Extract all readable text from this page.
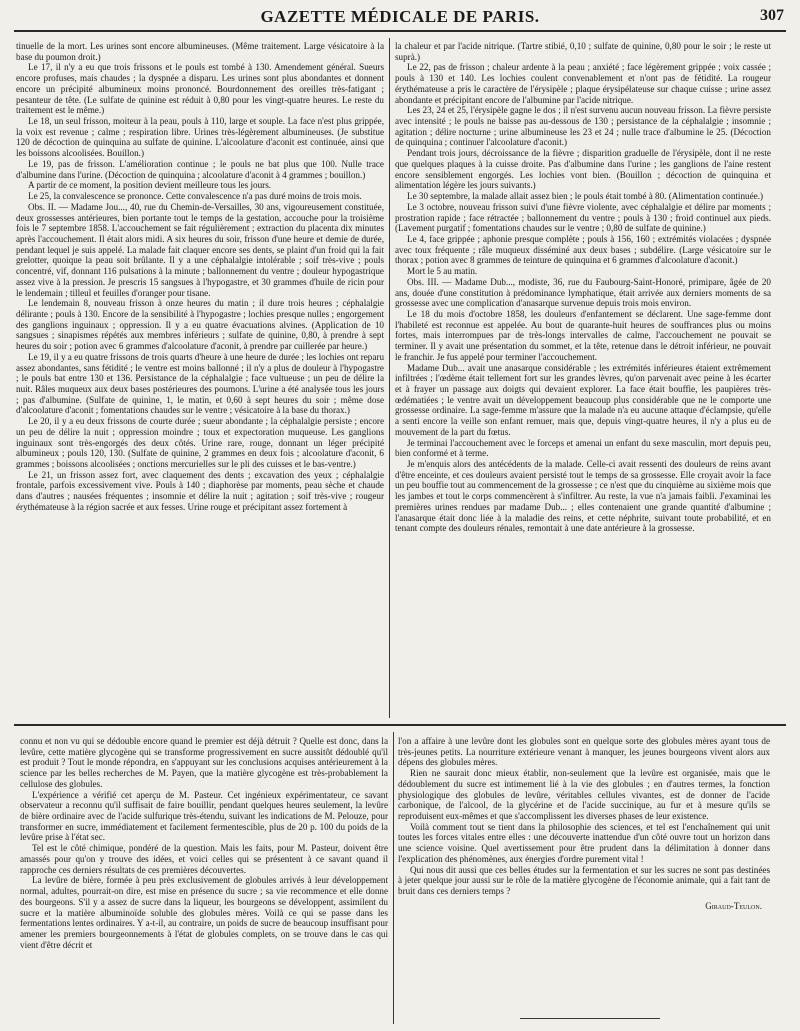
GAZETTE MÉDICALE DE PARIS.	307

tinuelle de la mort. Les urines sont encore albumineuses. (Même traitement. Large vésicatoire à la base du poumon droit.)

Le 17, il n'y a eu que trois frissons et le pouls est tombé à 130. Amendement général. Sueurs encore profuses, mais chaudes ; la dyspnée a disparu. Les urines sont plus abondantes et donnent encore un précipité albumineux moins prononcé. Bourdonnement des oreilles très-fatigant ; pesanteur de tête. (Le sulfate de quinine est réduit à 0,80 pour les vingt-quatre heures. Le reste du traitement est le même.)

Le 18, un seul frisson, moiteur à la peau, pouls à 110, large et souple. La face n'est plus grippée, la voix est revenue ; calme ; respiration libre. Urines très-légèrement albumineuses. (Je substitue 120 de décoction de quinquina au sulfate de quinine. L'alcoolature d'aconit est continuée, ainsi que les boissons alcoolisées. Bouillon.)

Le 19, pas de frisson. L'amélioration continue ; le pouls ne bat plus que 100. Nulle trace d'albumine dans l'urine. (Décoction de quinquina ; alcoolature d'aconit à 4 grammes ; bouillon.)

A partir de ce moment, la position devient meilleure tous les jours.

Le 25, la convalescence se prononce. Cette convalescence n'a pas duré moins de trois mois.

Obs. II. — Madame Jou..., 40, rue du Chemin-de-Versailles, 30 ans, vigoureusement constituée, deux grossesses antérieures, bien portante tout le temps de la gestation, accouche pour la troisième fois le 7 septembre 1858. L'accouchement se fait régulièrement ; extraction du placenta dix minutes après l'accouchement. Il était alors midi. A six heures du soir, frisson d'une heure et demie de durée, pendant lequel je suis appelé. La malade fait claquer encore ses dents, se plaint d'un froid qui la fait grelotter, quoique la peau soit brûlante. Il y a une céphalalgie intolérable ; soif très-vive ; pouls concentré, vif, donnant 116 pulsations à la minute ; ballonnement du ventre ; douleur hypogastrique assez vive à la pression. Je prescris 15 sangsues à l'hypogastre, et 30 grammes d'huile de ricin pour le lendemain ; tilleul et feuilles d'oranger pour tisane.

Le lendemain 8, nouveau frisson à onze heures du matin ; il dure trois heures ; céphalalgie délirante ; pouls à 130. Encore de la sensibilité à l'hypogastre ; lochies presque nulles ; engorgement des ganglions inguinaux ; oppression. Il y a eu quatre évacuations alvines. (Application de 10 sangsues ; sinapismes répétés aux membres inférieurs ; sulfate de quinine, 0,80, à prendre à sept heures du soir ; potion avec 6 grammes d'alcoolature d'aconit, à prendre par cuillerée par heure.)

Le 19, il y a eu quatre frissons de trois quarts d'heure à une heure de durée ; les lochies ont reparu assez abondantes, sans fétidité ; le ventre est moins ballonné ; il n'y a plus de douleur à l'hypogastre ; le pouls bat entre 130 et 136. Persistance de la céphalalgie ; face vultueuse ; un peu de délire la nuit. Râles muqueux aux deux bases postérieures des poumons. L'urine a été analysée tous les jours ; pas d'albumine. (Sulfate de quinine, 1, le matin, et 0,60 à sept heures du soir ; même dose d'alcoolature d'aconit ; fomentations chaudes sur le ventre ; vésicatoire à la base du thorax.)

Le 20, il y a eu deux frissons de courte durée ; sueur abondante ; la céphalalgie persiste ; encore un peu de délire la nuit ; oppression moindre ; toux et expectoration muqueuse. Les ganglions inguinaux sont très-engorgés des deux côtés. Urine rare, rouge, donnant un léger précipité albumineux ; pouls 120, 130. (Sulfate de quinine, 2 grammes en deux fois ; alcoolature d'aconit, 6 grammes ; boissons alcoolisées ; onctions mercurielles sur le pli des cuisses et le bas-ventre.)

Le 21, un frisson assez fort, avec claquement des dents ; excavation des yeux ; céphalalgie frontale, parfois excessivement vive. Pouls à 140 ; diaphorèse par moments, peau sèche et chaude dans d'autres ; nausées fréquentes ; insomnie et délire la nuit ; agitation ; soif très-vive ; rougeur érythémateuse à la région sacrée et aux fesses. Urine rouge et précipitant assez fortement à

la chaleur et par l'acide nitrique. (Tartre stibié, 0,10 ; sulfate de quinine, 0,80 pour le soir ; le reste ut suprà.)

Le 22, pas de frisson ; chaleur ardente à la peau ; anxiété ; face légèrement grippée ; voix cassée ; pouls à 130 et 140. Les lochies coulent convenablement et n'ont pas de fétidité. La rougeur érythémateuse a pris le caractère de l'érysipèle ; plaque érysipélateuse sur chaque cuisse ; urine assez abondante et précipitant encore de l'albumine par l'acide nitrique.

Les 23, 24 et 25, l'érysipèle gagne le dos ; il n'est survenu aucun nouveau frisson. La fièvre persiste avec intensité ; le pouls ne baisse pas au-dessous de 130 ; persistance de la céphalalgie ; insomnie ; agitation ; délire nocturne ; urine albumineuse les 23 et 24 ; nulle trace d'albumine le 25. (Décoction de quinquina ; continuer l'alcoolature d'aconit.)

Pendant trois jours, décroissance de la fièvre ; disparition graduelle de l'érysipèle, dont il ne reste que quelques plaques à la cuisse droite. Pas d'albumine dans l'urine ; les ganglions de l'aine restent encore sensiblement engorgés. Les lochies vont bien. (Bouillon ; décoction de quinquina et alimentation légère les jours suivants.)

Le 30 septembre, la malade allait assez bien ; le pouls était tombé à 80. (Alimentation continuée.)

Le 3 octobre, nouveau frisson suivi d'une fièvre violente, avec céphalalgie et délire par moments ; prostration rapide ; face rétractée ; ballonnement du ventre ; pouls à 130 ; froid continuel aux pieds. (Lavement purgatif ; fomentations chaudes sur le ventre ; 0,80 de sulfate de quinine.)

Le 4, face grippée ; aphonie presque complète ; pouls à 156, 160 ; extrémités violacées ; dyspnée avec toux fréquente ; râle muqueux disséminé aux deux bases ; subdélire. (Large vésicatoire sur le thorax ; potion avec 8 grammes de teinture de quinquina et 6 grammes d'alcoolature d'aconit.)

Mort le 5 au matin.

Obs. III. — Madame Dub..., modiste, 36, rue du Faubourg-Saint-Honoré, primipare, âgée de 20 ans, douée d'une constitution à prédominance lymphatique, était arrivée aux derniers moments de sa grossesse avec une complication d'anasarque survenue depuis trois mois environ.

Le 18 du mois d'octobre 1858, les douleurs d'enfantement se déclarent. Une sage-femme dont l'habileté est reconnue est appelée. Au bout de quarante-huit heures de souffrances plus ou moins fortes, mais interrompues par de très-longs intervalles de calme, l'accouchement ne pouvait se terminer. Il y avait une présentation du sommet, et la tête, retenue dans le détroit inférieur, ne pouvait le franchir. Je fus appelé pour terminer l'accouchement.

Madame Dub... avait une anasarque considérable ; les extrémités inférieures étaient extrêmement infiltrées ; l'œdème était tellement fort sur les grandes lèvres, qu'on parvenait avec peine à les écarter et à frayer un passage aux doigts qui devaient explorer. La face était bouffie, les paupières très-œdématiées ; le ventre avait un développement beaucoup plus considérable que ne le comporte une grossesse ordinaire. La sage-femme m'assure que la malade n'a eu aucune attaque d'éclampsie, qu'elle a senti encore la veille son enfant remuer, mais que, depuis vingt-quatre heures, il n'y a plus eu de mouvement de la part du fœtus.

Je terminai l'accouchement avec le forceps et amenai un enfant du sexe masculin, mort depuis peu, bien conformé et à terme.

Je m'enquis alors des antécédents de la malade. Celle-ci avait ressenti des douleurs de reins avant d'être enceinte, et ces douleurs avaient persisté tout le temps de sa grossesse. Elle croyait avoir la face un peu bouffie tout au commencement de la grossesse ; ce n'est que du cinquième au sixième mois que les jambes et tout le corps commencèrent à s'infiltrer. Au reste, la vue n'a jamais faibli. J'examinai les premières urines rendues par madame Dub... ; elles contenaient une grande quantité d'albumine ; l'anasarque était donc liée à la maladie des reins, et cette néphrite, suivant toute probabilité, et en tenant compte des douleurs rénales, remontait à une date antérieure à la grossesse.

connu et non vu qui se dédouble encore quand le premier est déjà détruit ? Quelle est donc, dans la levûre, cette matière glycogène qui se transforme progressivement en sucre aussitôt dédoublé qu'il est produit ? Tout le monde répondra, en s'appuyant sur les conclusions acquises antérieurement à la science par les belles recherches de M. Payen, que la matière glycogène est très-probablement la cellulose des globules.

L'expérience a vérifié cet aperçu de M. Pasteur. Cet ingénieux expérimentateur, ce savant observateur a reconnu qu'il suffisait de faire bouillir, pendant quelques heures seulement, la levûre de bière ordinaire avec de l'acide sulfurique très-étendu, suivant les indications de M. Pelouze, pour transformer en sucre, immédiatement et facilement fermentescible, plus de 20 p. 100 du poids de la levûre prise à l'état sec.

Tel est le côté chimique, pondéré de la question. Mais les faits, pour M. Pasteur, doivent être amassés pour qu'on y trouve des idées, et voici celles qui se présentent à ce savant quand il rapproche ces derniers résultats de ces premières découvertes.

La levûre de bière, formée à peu près exclusivement de globules arrivés à leur développement normal, adultes, pourrait-on dire, est mise en présence du sucre ; sa vie recommence et elle donne des bourgeons. S'il y a assez de sucre dans la liqueur, les bourgeons se développent, assimilent du sucre et la matière albuminoïde soluble des globules mères. Voilà ce qui se passe dans les fermentations lentes ordinaires. Y a-t-il, au contraire, un poids de sucre de beaucoup insuffisant pour amener les premiers bourgeonnements à l'état de globules complets, on se trouve dans le cas qui vient d'être décrit et

l'on a affaire à une levûre dont les globules sont en quelque sorte des globules mères ayant tous de très-jeunes petits. La nourriture extérieure venant à manquer, les jeunes bourgeons vivent alors aux dépens des globules mères.

Rien ne saurait donc mieux établir, non-seulement que la levûre est organisée, mais que le dédoublement du sucre est intimement lié à la vie des globules ; en d'autres termes, la fonction physiologique des globules de levûre, véritables cellules vivantes, est de donner de l'acide carbonique, de l'alcool, de la glycérine et de l'acide succinique, au fur et à mesure qu'ils se reproduisent eux-mêmes et que s'accomplissent les diverses phases de leur existence.

Voilà comment tout se tient dans la philosophie des sciences, et tel est l'enchaînement qui unit toutes les forces vitales entre elles : une découverte inattendue d'un côté ouvre tout un horizon dans une science voisine. Quel avertissement pour être prudent dans la délimitation à donner dans l'explication des phénomènes, aux énergies d'ordre purement vital !

Qui nous dit aussi que ces belles études sur la fermentation et sur les sucres ne sont pas destinées à jeter quelque jour aussi sur le rôle de la matière glycogène de l'économie animale, qui a fait tant de bruit dans ces derniers temps ?

Giraud-Teulon.
